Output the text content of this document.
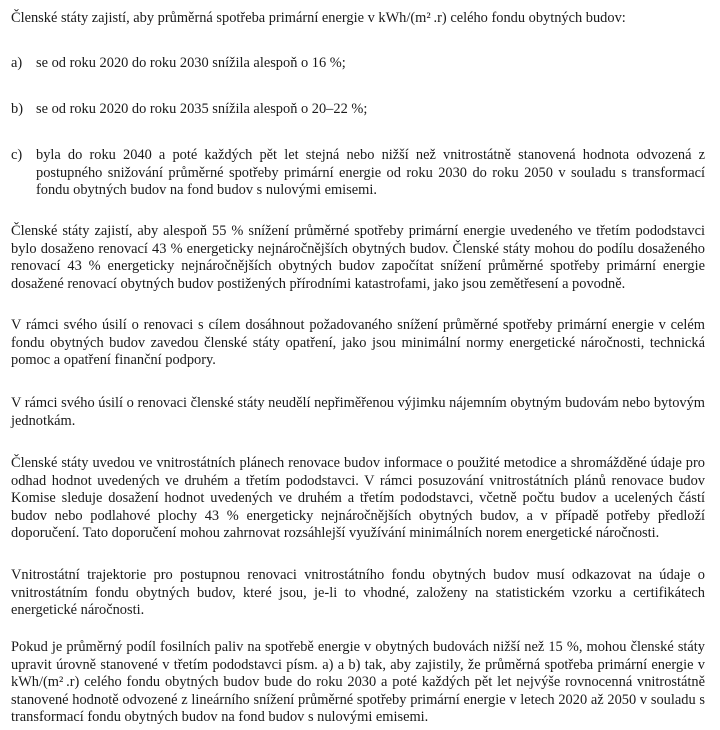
Členské státy zajistí, aby průměrná spotřeba primární energie v kWh/(m² .r) celého fondu obytných budov:
a) se od roku 2020 do roku 2030 snížila alespoň o 16 %;
b) se od roku 2020 do roku 2035 snížila alespoň o 20–22 %;
c) byla do roku 2040 a poté každých pět let stejná nebo nižší než vnitrostátně stanovená hodnota odvozená z postupného snižování průměrné spotřeby primární energie od roku 2030 do roku 2050 v souladu s transformací fondu obytných budov na fond budov s nulovými emisemi.
Členské státy zajistí, aby alespoň 55 % snížení průměrné spotřeby primární energie uvedeného ve třetím pododstavci bylo dosaženo renovací 43 % energeticky nejnáročnějších obytných budov. Členské státy mohou do podílu dosaženého renovací 43 % energeticky nejnáročnějších obytných budov započítat snížení průměrné spotřeby primární energie dosažené renovací obytných budov postižených přírodními katastrofami, jako jsou zemětřesení a povodně.
V rámci svého úsilí o renovaci s cílem dosáhnout požadovaného snížení průměrné spotřeby primární energie v celém fondu obytných budov zavedou členské státy opatření, jako jsou minimální normy energetické náročnosti, technická pomoc a opatření finanční podpory.
V rámci svého úsilí o renovaci členské státy neudělí nepřiměřenou výjimku nájemním obytným budovám nebo bytovým jednotkám.
Členské státy uvedou ve vnitrostátních plánech renovace budov informace o použité metodice a shromážděné údaje pro odhad hodnot uvedených ve druhém a třetím pododstavci. V rámci posuzování vnitrostátních plánů renovace budov Komise sleduje dosažení hodnot uvedených ve druhém a třetím pododstavci, včetně počtu budov a ucelených částí budov nebo podlahové plochy 43 % energeticky nejnáročnějších obytných budov, a v případě potřeby předloží doporučení. Tato doporučení mohou zahrnovat rozsáhlejší využívání minimálních norem energetické náročnosti.
Vnitrostátní trajektorie pro postupnou renovaci vnitrostátního fondu obytných budov musí odkazovat na údaje o vnitrostátním fondu obytných budov, které jsou, je-li to vhodné, založeny na statistickém vzorku a certifikátech energetické náročnosti.
Pokud je průměrný podíl fosilních paliv na spotřebě energie v obytných budovách nižší než 15 %, mohou členské státy upravit úrovně stanovené v třetím pododstavci písm. a) a b) tak, aby zajistily, že průměrná spotřeba primární energie v kWh/(m² .r) celého fondu obytných budov bude do roku 2030 a poté každých pět let nejvýše rovnocenná vnitrostátně stanovené hodnotě odvozené z lineárního snížení průměrné spotřeby primární energie v letech 2020 až 2050 v souladu s transformací fondu obytných budov na fond budov s nulovými emisemi.
